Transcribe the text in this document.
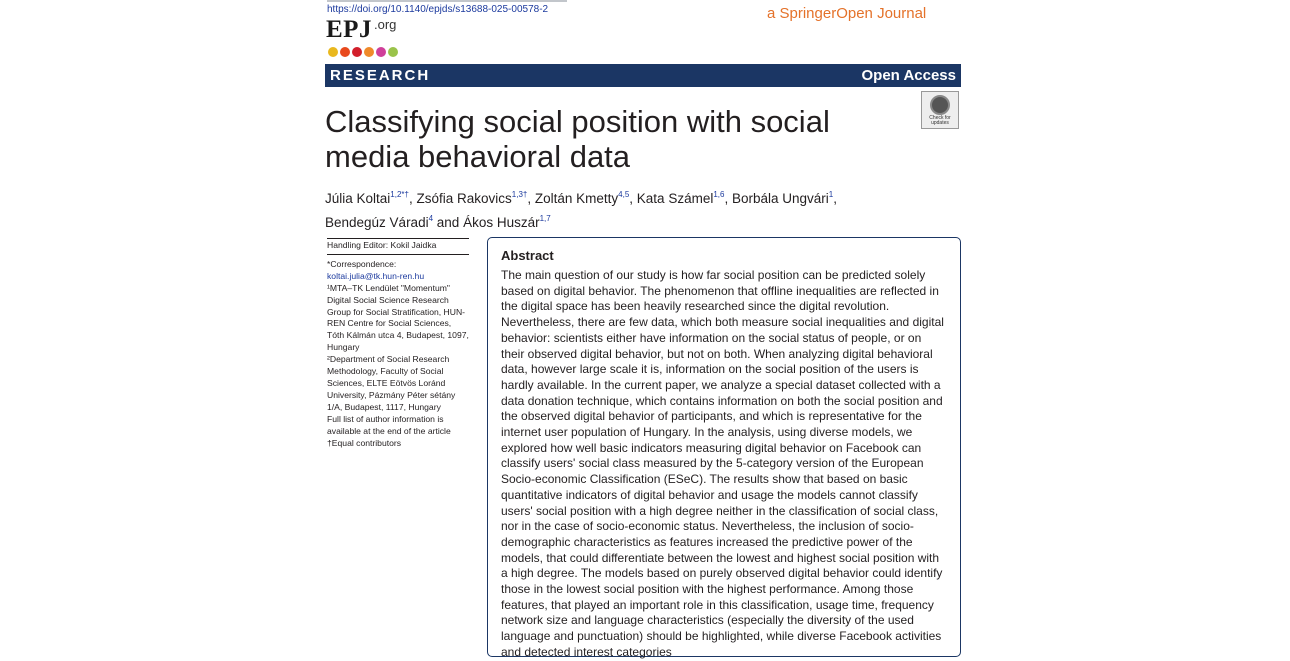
https://doi.org/10.1140/epjds/s13688-025-00578-2
EPJ .org
a SpringerOpen Journal
RESEARCH	Open Access
Classifying social position with social media behavioral data
Check for updates
Júlia Koltai$^{1,2*\dagger}$, Zsófia Rakovics$^{1,3\dagger}$, Zoltán Kmetty$^{4,5}$, Kata Számel$^{1,6}$, Borbála Ungvári$^1$,
Bendegúz Váradi$^4$ and Ákos Huszár$^{1,7}$
Handling Editor: Kokil Jaidka

*Correspondence:

koltai.julia@tk.hun-ren.hu

¹MTA–TK Lendület "Momentum" Digital Social Science Research Group for Social Stratification, HUN-REN Centre for Social Sciences, Tóth Kálmán utca 4, Budapest, 1097, Hungary

²Department of Social Research Methodology, Faculty of Social Sciences, ELTE Eötvös Loránd University, Pázmány Péter sétány 1/A, Budapest, 1117, Hungary

Full list of author information is available at the end of the article

†Equal contributors

Abstract

The main question of our study is how far social position can be predicted solely based on digital behavior. The phenomenon that offline inequalities are reflected in the digital space has been heavily researched since the digital revolution. Nevertheless, there are few data, which both measure social inequalities and digital behavior: scientists either have information on the social status of people, or on their observed digital behavior, but not on both. When analyzing digital behavioral data, however large scale it is, information on the social position of the users is hardly available. In the current paper, we analyze a special dataset collected with a data donation technique, which contains information on both the social position and the observed digital behavior of participants, and which is representative for the internet user population of Hungary. In the analysis, using diverse models, we explored how well basic indicators measuring digital behavior on Facebook can classify users' social class measured by the 5-category version of the European Socio-economic Classification (ESeC). The results show that based on basic quantitative indicators of digital behavior and usage the models cannot classify users' social position with a high degree neither in the classification of social class, nor in the case of socio-economic status. Nevertheless, the inclusion of socio-demographic characteristics as features increased the predictive power of the models, that could differentiate between the lowest and highest social position with a high degree. The models based on purely observed digital behavior could identify those in the lowest social position with the highest performance. Among those features, that played an important role in this classification, usage time, frequency network size and language characteristics (especially the diversity of the used language and punctuation) should be highlighted, while diverse Facebook activities and detected interest categories
